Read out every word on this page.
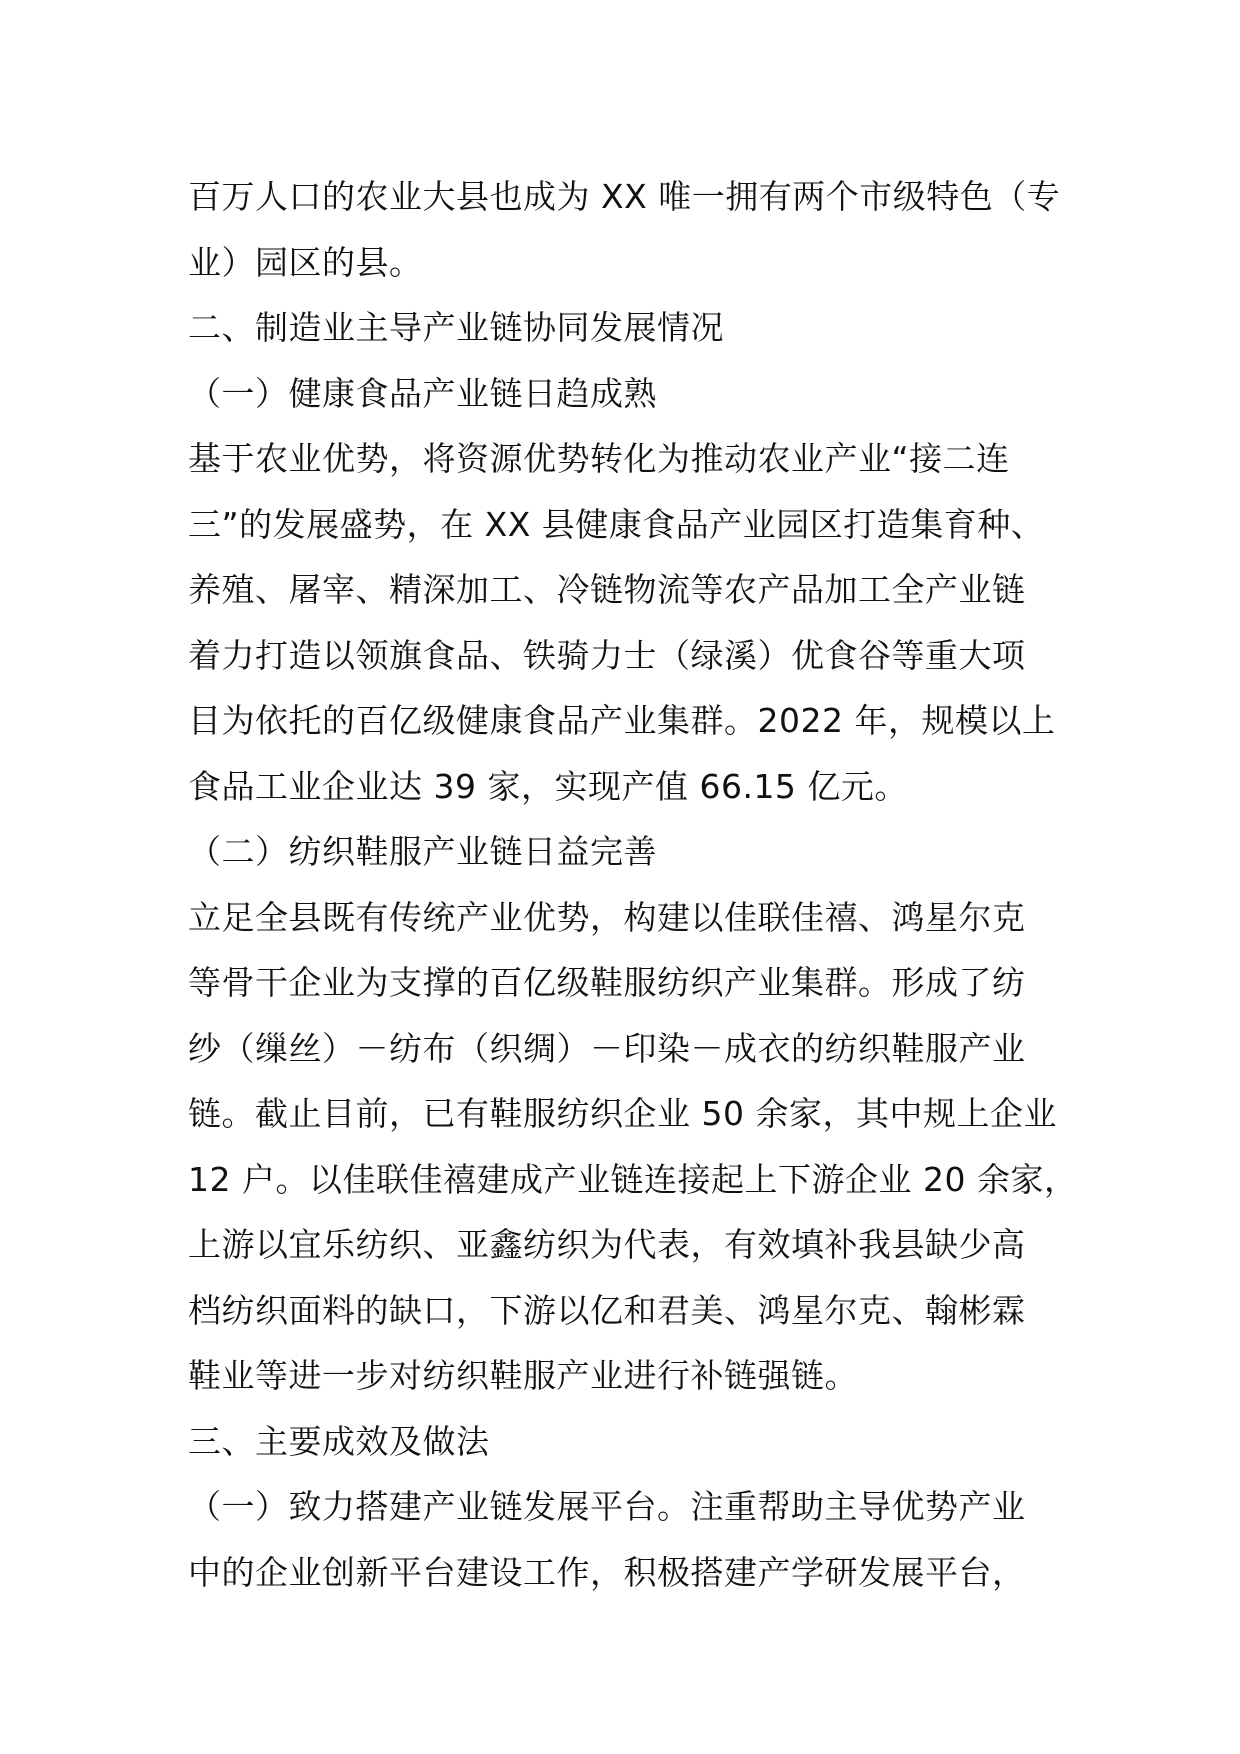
百万人口的农业大县也成为 XX 唯一拥有两个市级特色（专
业）园区的县。
二、制造业主导产业链协同发展情况
（一）健康食品产业链日趋成熟
基于农业优势，将资源优势转化为推动农业产业“接二连
三”的发展盛势，在 XX 县健康食品产业园区打造集育种、
养殖、屠宰、精深加工、冷链物流等农产品加工全产业链
着力打造以领旗食品、铁骑力士（绿溪）优食谷等重大项
目为依托的百亿级健康食品产业集群。2022 年，规模以上
食品工业企业达 39 家，实现产值 66.15 亿元。
（二）纺织鞋服产业链日益完善
立足全县既有传统产业优势，构建以佳联佳禧、鸿星尔克
等骨干企业为支撑的百亿级鞋服纺织产业集群。形成了纺
纱（缫丝）－纺布（织绸）－印染－成衣的纺织鞋服产业
链。截止目前，已有鞋服纺织企业 50 余家，其中规上企业
12 户。以佳联佳禧建成产业链连接起上下游企业 20 余家，
上游以宜乐纺织、亚鑫纺织为代表，有效填补我县缺少高
档纺织面料的缺口，下游以亿和君美、鸿星尔克、翰彬霖
鞋业等进一步对纺织鞋服产业进行补链强链。
三、主要成效及做法
（一）致力搭建产业链发展平台。注重帮助主导优势产业
中的企业创新平台建设工作，积极搭建产学研发展平台，
